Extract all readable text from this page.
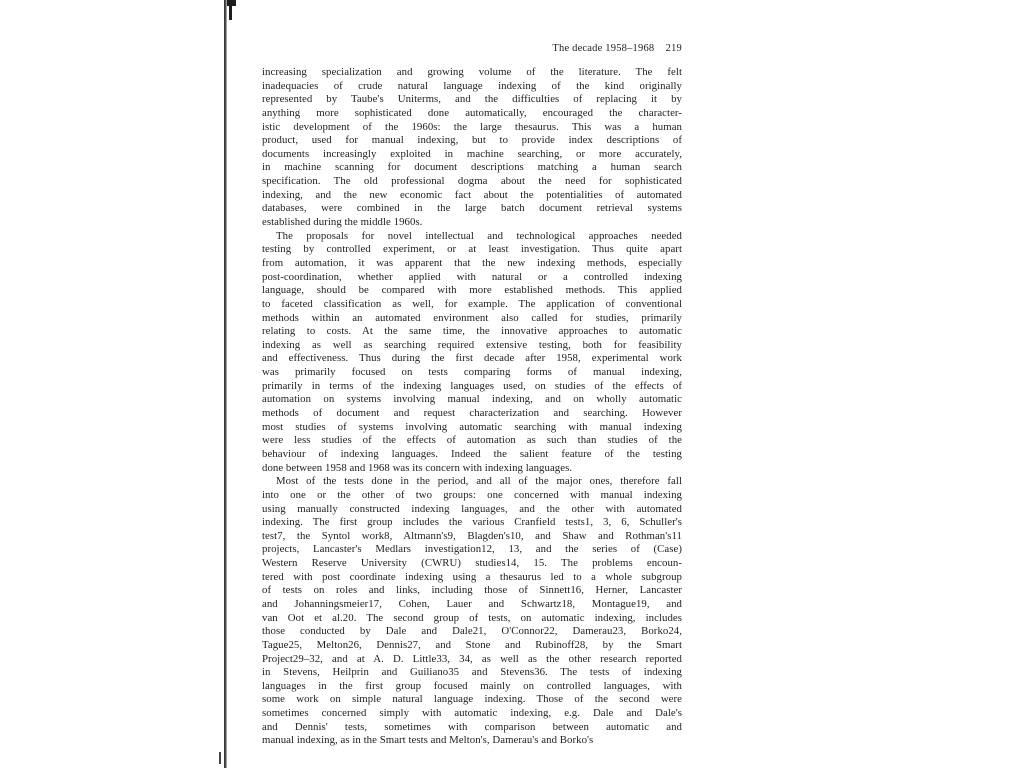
The decade 1958–1968    219
increasing specialization and growing volume of the literature. The felt
inadequacies of crude natural language indexing of the kind originally
represented by Taube's Uniterms, and the difficulties of replacing it by
anything more sophisticated done automatically, encouraged the character-
istic development of the 1960s: the large thesaurus. This was a human
product, used for manual indexing, but to provide index descriptions of
documents increasingly exploited in machine searching, or more accurately,
in machine scanning for document descriptions matching a human search
specification. The old professional dogma about the need for sophisticated
indexing, and the new economic fact about the potentialities of automated
databases, were combined in the large batch document retrieval systems
established during the middle 1960s.
The proposals for novel intellectual and technological approaches needed
testing by controlled experiment, or at least investigation. Thus quite apart
from automation, it was apparent that the new indexing methods, especially
post-coordination, whether applied with natural or a controlled indexing
language, should be compared with more established methods. This applied
to faceted classification as well, for example. The application of conventional
methods within an automated environment also called for studies, primarily
relating to costs. At the same time, the innovative approaches to automatic
indexing as well as searching required extensive testing, both for feasibility
and effectiveness. Thus during the first decade after 1958, experimental work
was primarily focused on tests comparing forms of manual indexing,
primarily in terms of the indexing languages used, on studies of the effects of
automation on systems involving manual indexing, and on wholly automatic
methods of document and request characterization and searching. However
most studies of systems involving automatic searching with manual indexing
were less studies of the effects of automation as such than studies of the
behaviour of indexing languages. Indeed the salient feature of the testing
done between 1958 and 1968 was its concern with indexing languages.
Most of the tests done in the period, and all of the major ones, therefore fall
into one or the other of two groups: one concerned with manual indexing
using manually constructed indexing languages, and the other with automated
indexing. The first group includes the various Cranfield tests1, 3, 6, Schuller's
test7, the Syntol work8, Altmann's9, Blagden's10, and Shaw and Rothman's11
projects, Lancaster's Medlars investigation12, 13, and the series of (Case)
Western Reserve University (CWRU) studies14, 15. The problems encoun-
tered with post coordinate indexing using a thesaurus led to a whole subgroup
of tests on roles and links, including those of Sinnett16, Herner, Lancaster
and Johanningsmeier17, Cohen, Lauer and Schwartz18, Montague19, and
van Oot et al.20. The second group of tests, on automatic indexing, includes
those conducted by Dale and Dale21, O'Connor22, Damerau23, Borko24,
Tague25, Melton26, Dennis27, and Stone and Rubinoff28, by the Smart
Project29–32, and at A. D. Little33, 34, as well as the other research reported
in Stevens, Heilprin and Guiliano35 and Stevens36. The tests of indexing
languages in the first group focused mainly on controlled languages, with
some work on simple natural language indexing. Those of the second were
sometimes concerned simply with automatic indexing, e.g. Dale and Dale's
and Dennis' tests, sometimes with comparison between automatic and
manual indexing, as in the Smart tests and Melton's, Damerau's and Borko's
